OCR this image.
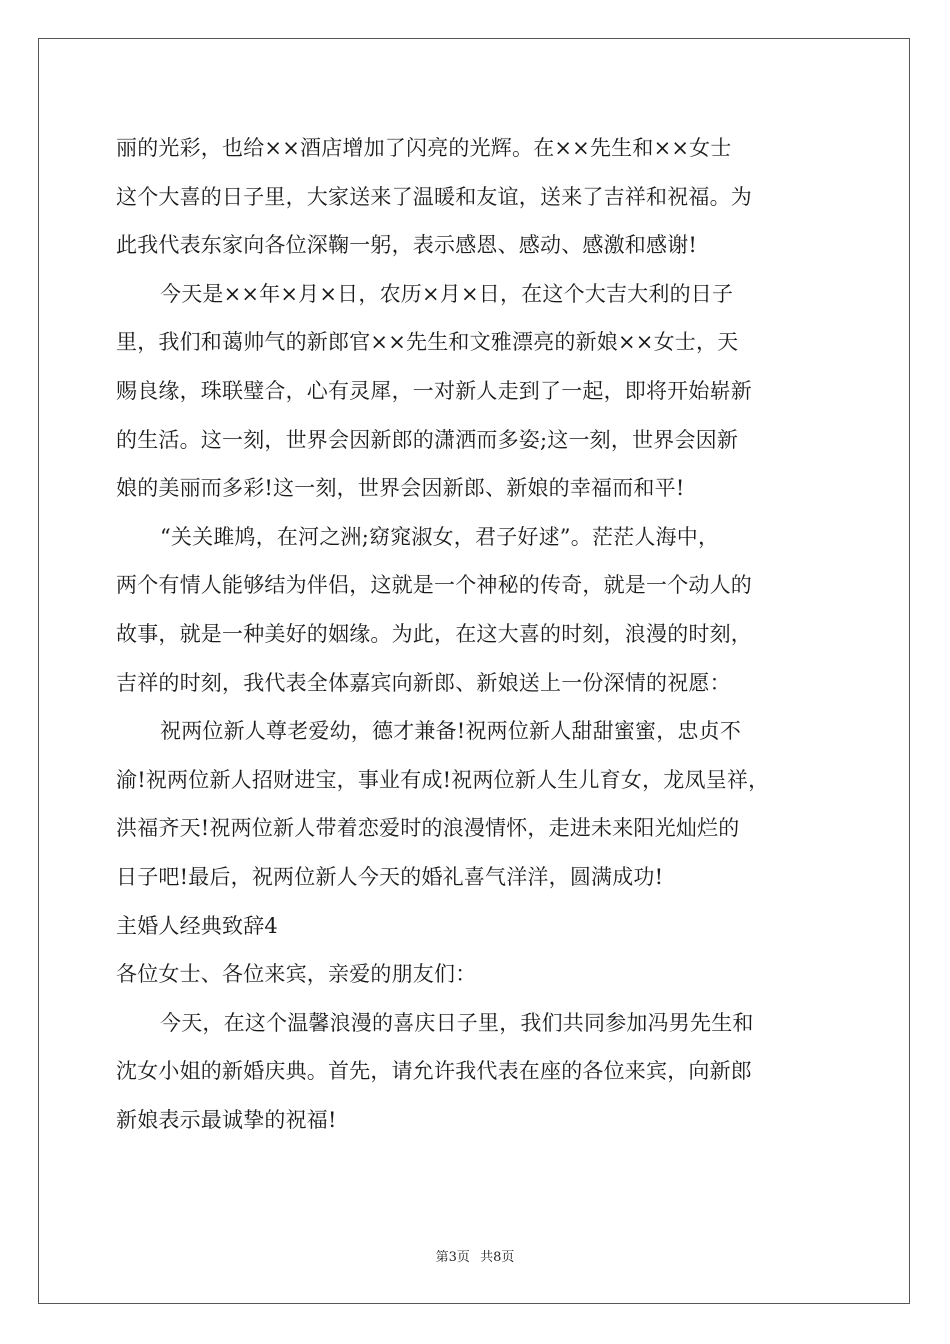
丽的光彩，也给××酒店增加了闪亮的光辉。在××先生和××女士
这个大喜的日子里，大家送来了温暖和友谊，送来了吉祥和祝福。为
此我代表东家向各位深鞠一躬，表示感恩、感动、感激和感谢!
今天是××年×月×日，农历×月×日，在这个大吉大利的日子
里，我们和蔼帅气的新郎官××先生和文雅漂亮的新娘××女士，天
赐良缘，珠联璧合，心有灵犀，一对新人走到了一起，即将开始崭新
的生活。这一刻，世界会因新郎的潇洒而多姿;这一刻，世界会因新
娘的美丽而多彩!这一刻，世界会因新郎、新娘的幸福而和平!
“关关雎鸠，在河之洲;窈窕淑女，君子好逑”。茫茫人海中，
两个有情人能够结为伴侣，这就是一个神秘的传奇，就是一个动人的
故事，就是一种美好的姻缘。为此，在这大喜的时刻，浪漫的时刻，
吉祥的时刻，我代表全体嘉宾向新郎、新娘送上一份深情的祝愿：
祝两位新人尊老爱幼，德才兼备!祝两位新人甜甜蜜蜜，忠贞不
渝!祝两位新人招财进宝，事业有成!祝两位新人生儿育女，龙凤呈祥，
洪福齐天!祝两位新人带着恋爱时的浪漫情怀，走进未来阳光灿烂的
日子吧!最后，祝两位新人今天的婚礼喜气洋洋，圆满成功!
主婚人经典致辞4
各位女士、各位来宾，亲爱的朋友们：
今天，在这个温馨浪漫的喜庆日子里，我们共同参加冯男先生和
沈女小姐的新婚庆典。首先，请允许我代表在座的各位来宾，向新郎
新娘表示最诚挚的祝福!
第3页 共8页
